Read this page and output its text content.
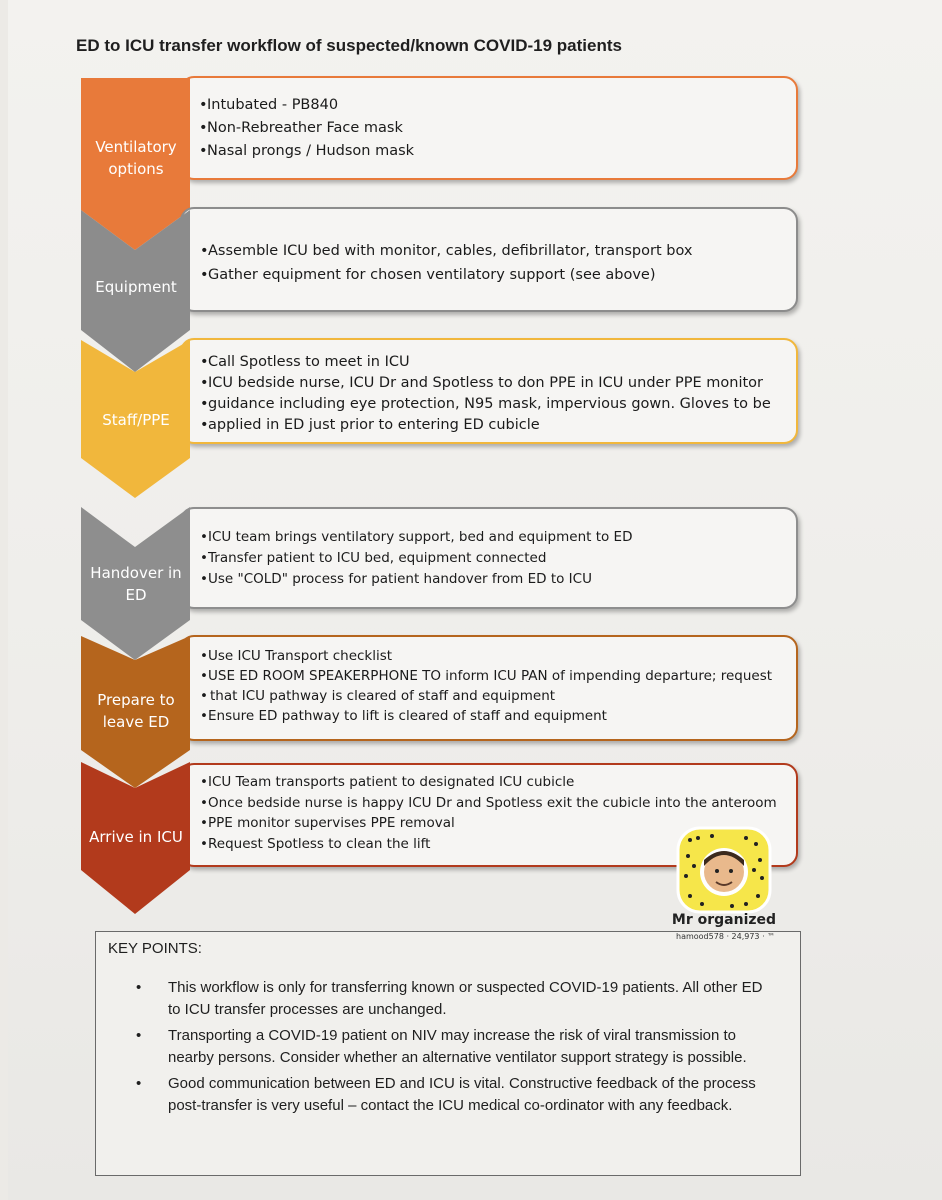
ED to ICU transfer workflow of suspected/known COVID-19 patients
• Intubated - PB840
• Non-Rebreather Face mask
• Nasal prongs / Hudson mask
Ventilatory
options
• Assemble ICU bed with monitor, cables, defibrillator, transport box
• Gather equipment for chosen ventilatory support (see above)
Equipment
• Call Spotless to meet in ICU
• ICU bedside nurse, ICU Dr and Spotless to don PPE in ICU under PPE monitor
• guidance including eye protection, N95 mask, impervious gown. Gloves to be
• applied in ED just prior to entering ED cubicle
Staff/PPE
• ICU team brings ventilatory support, bed and equipment to ED
• Transfer patient to ICU bed, equipment connected
• Use "COLD" process for patient handover from ED to ICU
Handover in
ED
• Use ICU Transport checklist
• USE ED ROOM SPEAKERPHONE TO inform ICU PAN of impending departure; request
• that ICU pathway is cleared of staff and equipment
• Ensure ED pathway to lift is cleared of staff and equipment
Prepare to
leave ED
• ICU Team transports patient to designated ICU cubicle
• Once bedside nurse is happy ICU Dr and Spotless exit the cubicle into the anteroom
• PPE monitor supervises PPE removal
• Request Spotless to clean the lift
Arrive in ICU
KEY POINTS:
• This workflow is only for transferring known or suspected COVID-19 patients. All other ED to ICU transfer processes are unchanged.
• Transporting a COVID-19 patient on NIV may increase the risk of viral transmission to nearby persons. Consider whether an alternative ventilator support strategy is possible.
• Good communication between ED and ICU is vital. Constructive feedback of the process post-transfer is very useful – contact the ICU medical co-ordinator with any feedback.
Mr organized
hamood578 · 24,973 · ™
